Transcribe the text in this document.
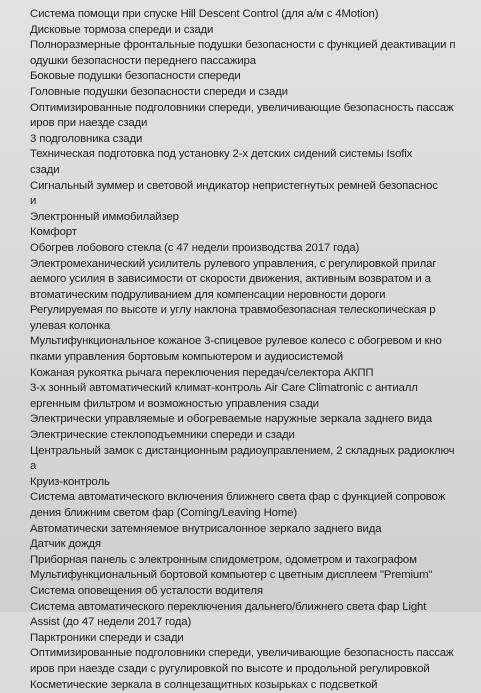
Система помощи при спуске Hill Descent Control (для а/м с 4Motion)
Дисковые тормоза спереди и сзади
Полноразмерные фронтальные подушки безопасности с функцией деактивации п
одушки безопасности переднего пассажира
Боковые подушки безопасности спереди
Головные подушки безопасности спереди и сзади
Оптимизированные подголовники спереди, увеличивающие безопасность пассаж
иров при наезде сзади
3 подголовника сзади
Техническая подготовка под установку 2-х детских сидений системы Isofix
сзади
Сигнальный зуммер и световой индикатор непристегнутых ремней безопаснос
и
Электронный иммобилайзер
Комфорт
Обогрев лобового стекла (с 47 недели производства 2017 года)
Электромеханический усилитель рулевого управления, с регулировкой прилаг
аемого усилия в зависимости от скорости движения, активным возвратом и а
втоматическим подруливанием для компенсации неровности дороги
Регулируемая по высоте и углу наклона травмобезопасная телескопическая р
улевая колонка
Мультифункциональное кожаное 3-спицевое рулевое колесо с обогревом и кно
пками управления бортовым компьютером и аудиосистемой
Кожаная рукоятка рычага переключения передач/селектора АКПП
3-х зонный автоматический климат-контроль Air Care Climatronic с антиалл
ергенным фильтром и возможностью управления сзади
Электрически управляемые и обогреваемые наружные зеркала заднего вида
Электрические стеклоподъемники спереди и сзади
Центральный замок с дистанционным радиоуправлением, 2 складных радиоключ
а
Круиз-контроль
Система автоматического включения ближнего света фар с функцией сопровож
дения ближним светом фар (Coming/Leaving Home)
Автоматически затемняемое внутрисалонное зеркало заднего вида
Датчик дождя
Приборная панель с электронным спидометром, одометром и тахографом
Мультифункциональный бортовой компьютер с цветным дисплеем "Premium"
Система оповещения об усталости водителя
Система автоматического переключения дальнего/ближнего света фар Light
Assist (до 47 недели 2017 года)
Парктроники спереди и сзади
Оптимизированные подголовники спереди, увеличивающие безопасность пассаж
иров при наезде сзади с ругулировкой по высоте и продольной регулировкой
Косметические зеркала в солнцезащитных козырьках с подсветкой
